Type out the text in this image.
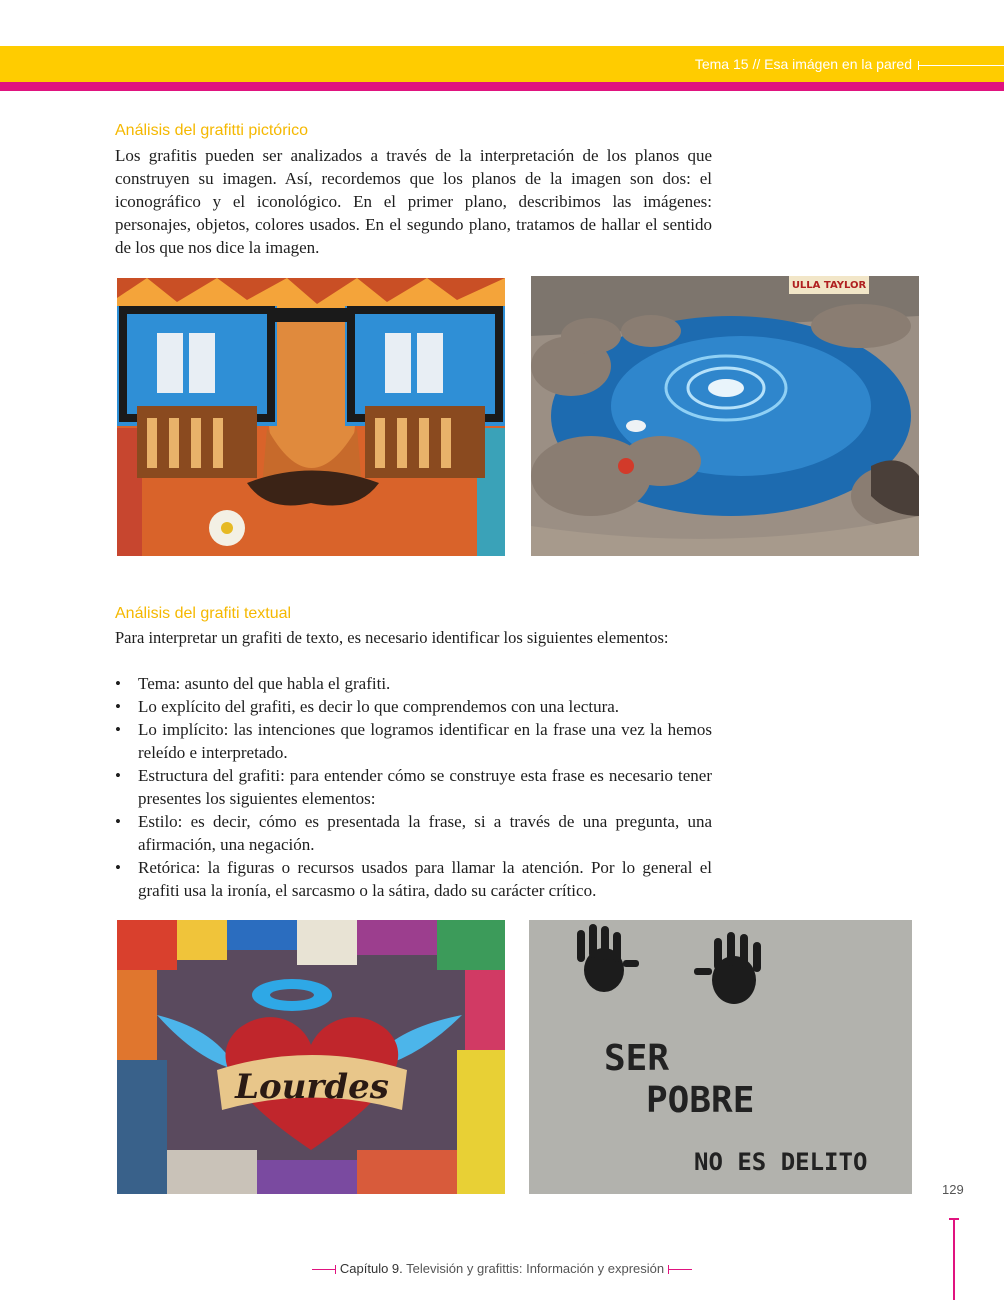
Tema 15 // Esa imágen en la pared
Análisis del grafitti pictórico
Los grafitis pueden ser analizados a través de la interpretación de los planos que construyen su imagen. Así, recordemos que los planos de la imagen son dos: el iconográfico y el iconológico. En el primer plano, describimos las imágenes: personajes, objetos, colores usados. En el segundo plano, tratamos de hallar el sentido de los que nos dice la imagen.
ULLA TAYLOR
Análisis del grafiti textual
Para interpretar un grafiti de texto, es necesario identificar los siguientes elementos:
• Tema: asunto del que habla el grafiti.
• Lo explícito del grafiti, es decir lo que comprendemos con una lectura.
• Lo implícito: las intenciones que logramos identificar en la frase una vez la hemos releído e interpretado.
• Estructura del grafiti: para entender cómo se construye esta frase es necesario tener presentes los siguientes elementos:
• Estilo: es decir, cómo es presentada la frase, si a través de una pregunta, una afirmación, una negación.
• Retórica: la figuras o recursos usados para llamar la atención. Por lo general el grafiti usa la ironía, el sarcasmo o la sátira, dado su carácter crítico.
Lourdes
SER
POBRE
NO ES DELITO
129
Capítulo 9. Televisión y grafittis: Información y expresión
